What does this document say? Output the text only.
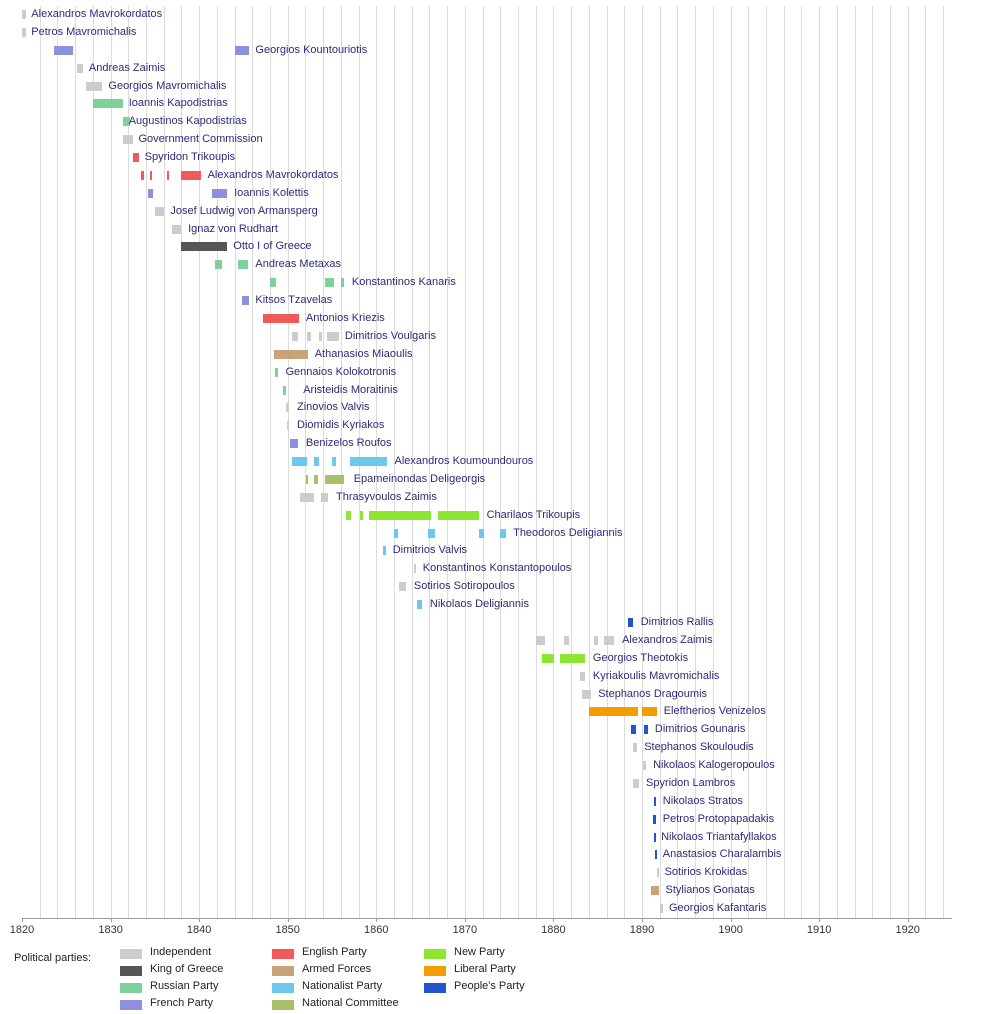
Alexandros Mavrokordatos
Petros Mavromichalis
Georgios Kountouriotis
Andreas Zaimis
Georgios Mavromichalis
Ioannis Kapodistrias
Augustinos Kapodistrias
Government Commission
Spyridon Trikoupis
Alexandros Mavrokordatos
Ioannis Kolettis
Josef Ludwig von Armansperg
Ignaz von Rudhart
Otto I of Greece
Andreas Metaxas
Konstantinos Kanaris
Kitsos Tzavelas
Antonios Kriezis
Dimitrios Voulgaris
Athanasios Miaoulis
Gennaios Kolokotronis
Aristeidis Moraitinis
Zinovios Valvis
Diomidis Kyriakos
Benizelos Roufos
Alexandros Koumoundouros
Epameinondas Deligeorgis
Thrasyvoulos Zaimis
Charilaos Trikoupis
Theodoros Deligiannis
Dimitrios Valvis
Konstantinos Konstantopoulos
Sotirios Sotiropoulos
Nikolaos Deligiannis
Dimitrios Rallis
Alexandros Zaimis
Georgios Theotokis
Kyriakoulis Mavromichalis
Stephanos Dragoumis
Eleftherios Venizelos
Dimitrios Gounaris
Stephanos Skouloudis
Nikolaos Kalogeropoulos
Spyridon Lambros
Nikolaos Stratos
Petros Protopapadakis
Nikolaos Triantafyllakos
Anastasios Charalambis
Sotirios Krokidas
Stylianos Gonatas
Georgios Kafantaris
1820	1830	1840	1850	1860	1870	1880	1890	1900	1910	1920
Political parties:	Independent
King of Greece
Russian Party
French Party
English Party
Armed Forces
Nationalist Party
National Committee
New Party
Liberal Party
People's Party
